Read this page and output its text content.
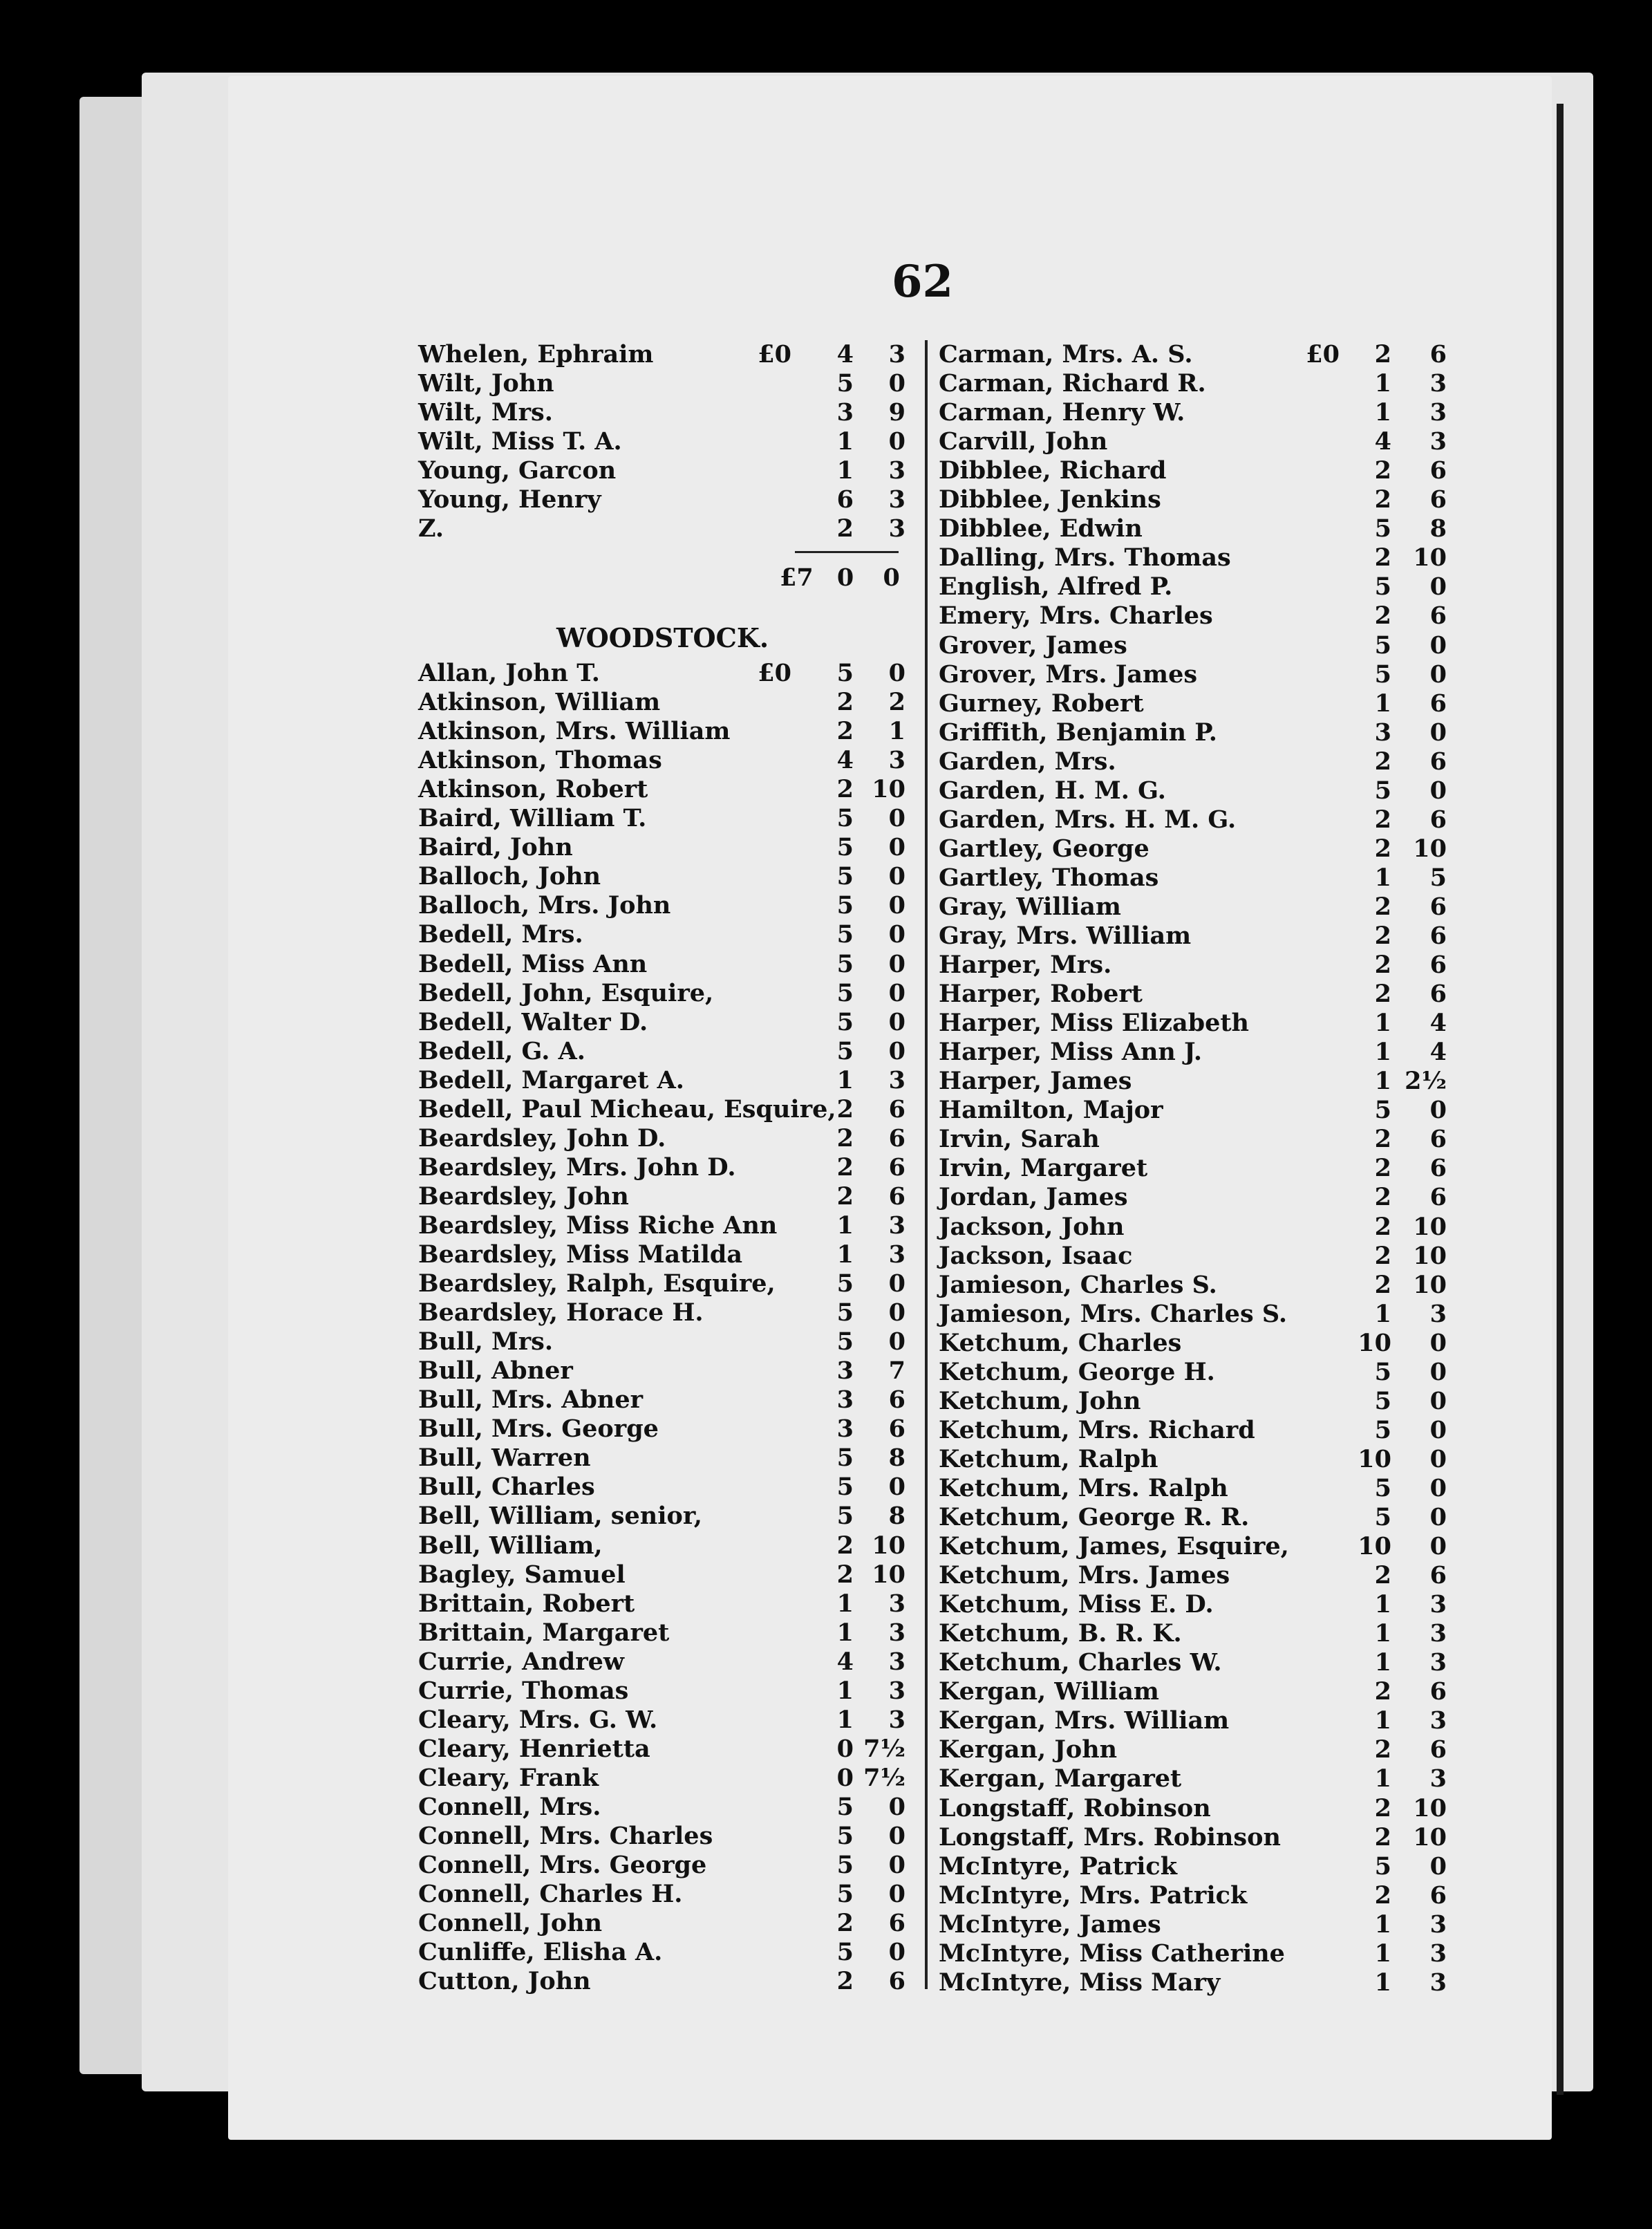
62
Whelen, Ephraim	£0	4	3
Wilt, John	5	0
Wilt, Mrs.	3	9
Wilt, Miss T. A.	1	0
Young, Garcon	1	3
Young, Henry	6	3
Z.	2	3
£7 0 0
WOODSTOCK.
Allan, John T.	£0	5	0
Atkinson, William	2	2
Atkinson, Mrs. William	2	1
Atkinson, Thomas	4	3
Atkinson, Robert	2 10
Baird, William T.	5	0
Baird, John	5	0
Balloch, John	5	0
Balloch, Mrs. John	5	0
Bedell, Mrs.	5	0
Bedell, Miss Ann	5	0
Bedell, John, Esquire,	5	0
Bedell, Walter D.	5	0
Bedell, G. A.	5	0
Bedell, Margaret A.	1	3
Bedell, Paul Micheau, Esquire, 2	6
Beardsley, John D.	2	6
Beardsley, Mrs. John D.	2	6
Beardsley, John	2	6
Beardsley, Miss Riche Ann	1	3
Beardsley, Miss Matilda	1	3
Beardsley, Ralph, Esquire,	5	0
Beardsley, Horace H.	5	0
Bull, Mrs.	5	0
Bull, Abner	3	7
Bull, Mrs. Abner	3	6
Bull, Mrs. George	3	6
Bull, Warren	5	8
Bull, Charles	5	0
Bell, William, senior,	5	8
Bell, William,	2 10
Bagley, Samuel	2 10
Brittain, Robert	1	3
Brittain, Margaret	1	3
Currie, Andrew	4	3
Currie, Thomas	1	3
Cleary, Mrs. G. W.	1	3
Cleary, Henrietta	0 7½
Cleary, Frank	0 7½
Connell, Mrs.	5	0
Connell, Mrs. Charles	5	0
Connell, Mrs. George	5	0
Connell, Charles H.	5	0
Connell, John	2	6
Cunliffe, Elisha A.	5	0
Cutton, John	2	6
Carman, Mrs. A. S.	£0	2	6
Carman, Richard R.	1	3
Carman, Henry W.	1	3
Carvill, John	4	3
Dibblee, Richard	2	6
Dibblee, Jenkins	2	6
Dibblee, Edwin	5	8
Dalling, Mrs. Thomas	2 10
English, Alfred P.	5	0
Emery, Mrs. Charles	2	6
Grover, James	5	0
Grover, Mrs. James	5	0
Gurney, Robert	1	6
Griffith, Benjamin P.	3	0
Garden, Mrs.	2	6
Garden, H. M. G.	5	0
Garden, Mrs. H. M. G.	2	6
Gartley, George	2 10
Gartley, Thomas	1	5
Gray, William	2	6
Gray, Mrs. William	2	6
Harper, Mrs.	2	6
Harper, Robert	2	6
Harper, Miss Elizabeth	1	4
Harper, Miss Ann J.	1	4
Harper, James	1 2½
Hamilton, Major	5	0
Irvin, Sarah	2	6
Irvin, Margaret	2	6
Jordan, James	2	6
Jackson, John	2 10
Jackson, Isaac	2 10
Jamieson, Charles S.	2 10
Jamieson, Mrs. Charles S.	1	3
Ketchum, Charles	10	0
Ketchum, George H.	5	0
Ketchum, John	5	0
Ketchum, Mrs. Richard	5	0
Ketchum, Ralph	10	0
Ketchum, Mrs. Ralph	5	0
Ketchum, George R. R.	5	0
Ketchum, James, Esquire,	10	0
Ketchum, Mrs. James	2	6
Ketchum, Miss E. D.	1	3
Ketchum, B. R. K.	1	3
Ketchum, Charles W.	1	3
Kergan, William	2	6
Kergan, Mrs. William	1	3
Kergan, John	2	6
Kergan, Margaret	1	3
Longstaff, Robinson	2 10
Longstaff, Mrs. Robinson	2 10
McIntyre, Patrick	5	0
McIntyre, Mrs. Patrick	2	6
McIntyre, James	1	3
McIntyre, Miss Catherine	1	3
McIntyre, Miss Mary	1	3
